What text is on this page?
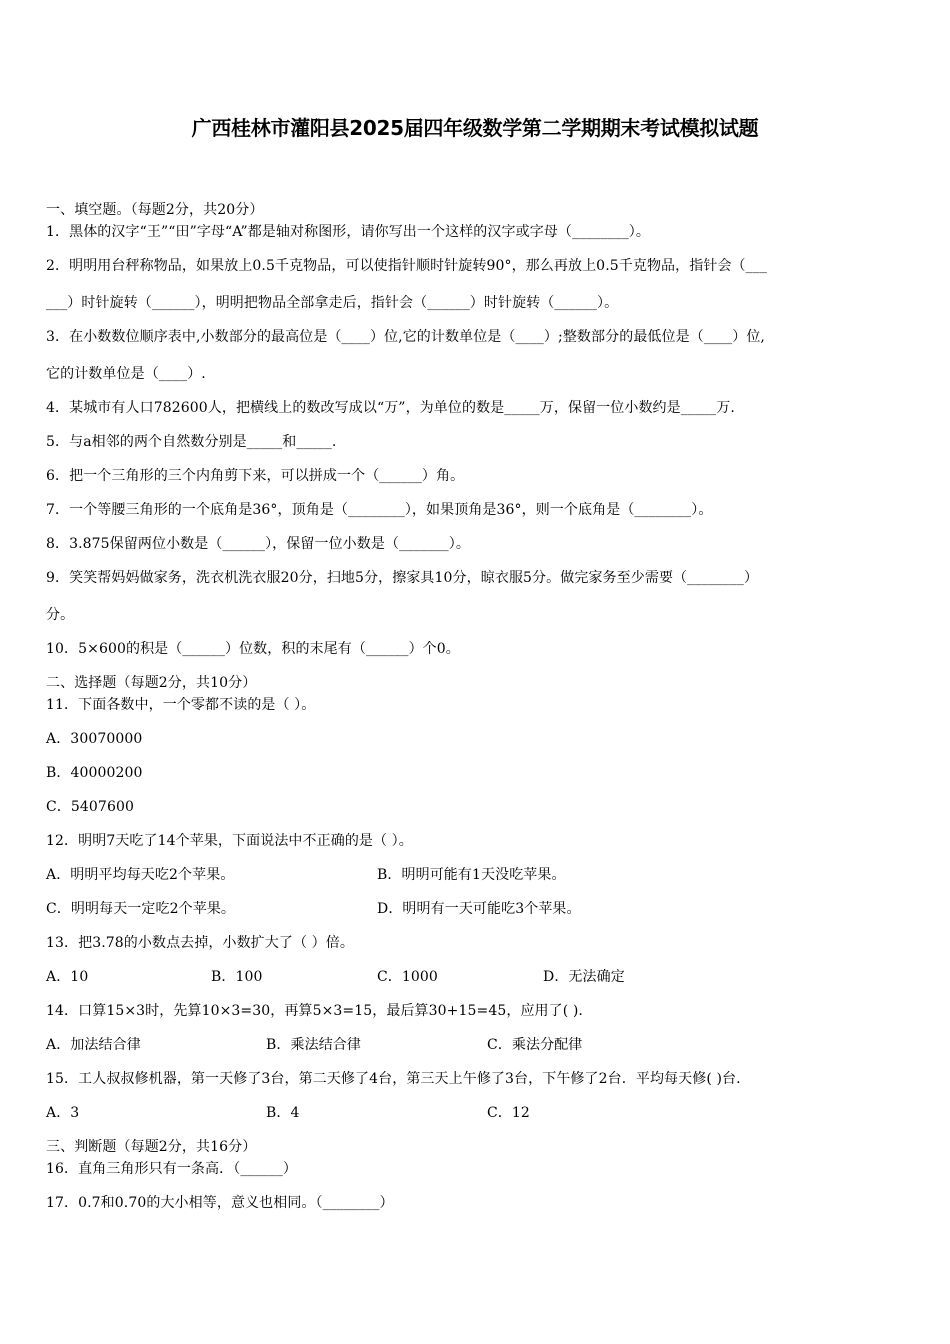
广西桂林市灌阳县2025届四年级数学第二学期期末考试模拟试题
一、填空题。（每题2分，共20分）
1．黑体的汉字“王”“田”字母“A”都是轴对称图形，请你写出一个这样的汉字或字母（________）。
2．明明用台秤称物品，如果放上0.5千克物品，可以使指针顺时针旋转90°，那么再放上0.5千克物品，指针会（___
___）时针旋转（______），明明把物品全部拿走后，指针会（______）时针旋转（______）。
3．在小数数位顺序表中,小数部分的最高位是（____）位,它的计数单位是（____）;整数部分的最低位是（____）位,
它的计数单位是（____）.
4．某城市有人口782600人，把横线上的数改写成以“万”，为单位的数是_____万，保留一位小数约是_____万.
5．与a相邻的两个自然数分别是_____和_____.
6．把一个三角形的三个内角剪下来，可以拼成一个（______）角。
7．一个等腰三角形的一个底角是36°，顶角是（________），如果顶角是36°，则一个底角是（________）。
8．3.875保留两位小数是（______），保留一位小数是（_______）。
9．笑笑帮妈妈做家务，洗衣机洗衣服20分，扫地5分，擦家具10分，晾衣服5分。做完家务至少需要（________）
分。
10．5×600的积是（______）位数，积的末尾有（______）个0。
二、选择题（每题2分，共10分）
11．下面各数中，一个零都不读的是（ ）。
A．30070000
B．40000200
C．5407600
12．明明7天吃了14个苹果，下面说法中不正确的是（ ）。
A．明明平均每天吃2个苹果。	B．明明可能有1天没吃苹果。
C．明明每天一定吃2个苹果。	D．明明有一天可能吃3个苹果。
13．把3.78的小数点去掉，小数扩大了（ ）倍。
A．10	B．100	C．1000	D．无法确定
14．口算15×3时，先算10×3=30，再算5×3=15，最后算30+15=45，应用了( ).
A．加法结合律	B．乘法结合律	C．乘法分配律
15．工人叔叔修机器，第一天修了3台，第二天修了4台，第三天上午修了3台，下午修了2台．平均每天修( )台.
A．3	B．4	C．12
三、判断题（每题2分，共16分）
16．直角三角形只有一条高．（______）
17．0.7和0.70的大小相等，意义也相同。（________）
